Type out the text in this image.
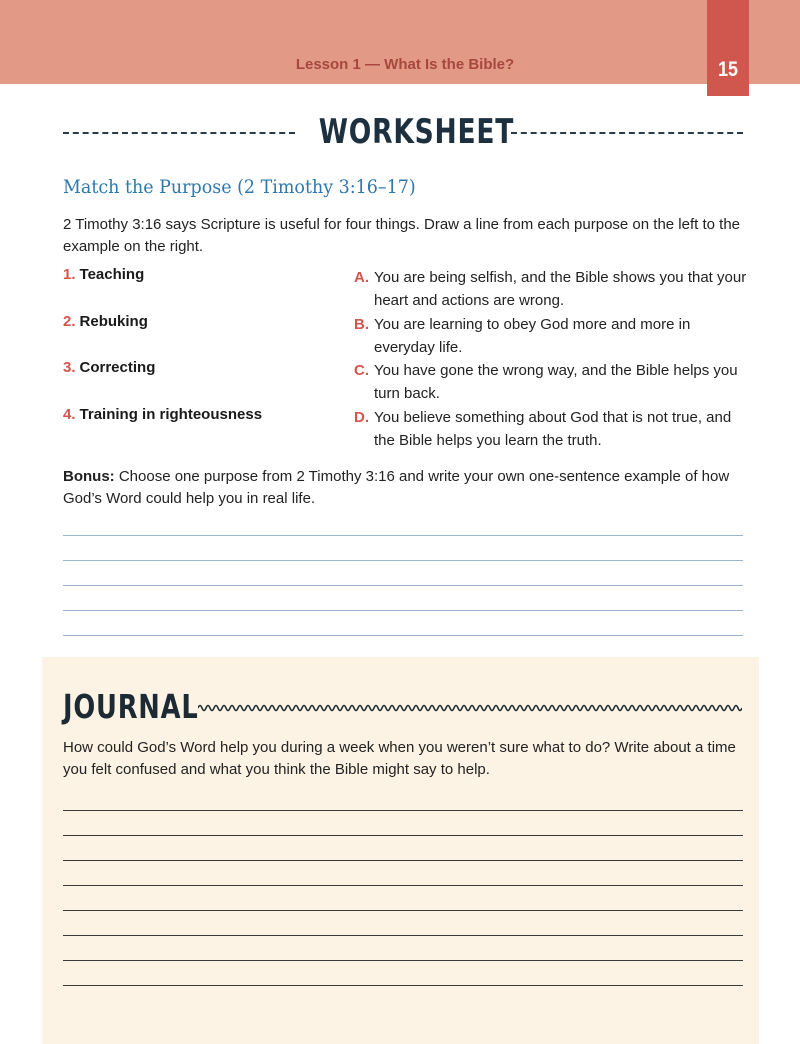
Lesson 1 — What Is the Bible?	15
WORKSHEET
Match the Purpose (2 Timothy 3:16–17)
2 Timothy 3:16 says Scripture is useful for four things. Draw a line from each purpose on the left to the example on the right.
1. Teaching
2. Rebuking
3. Correcting
4. Training in righteousness
A. You are being selfish, and the Bible shows you that your heart and actions are wrong.
B. You are learning to obey God more and more in everyday life.
C. You have gone the wrong way, and the Bible helps you turn back.
D. You believe something about God that is not true, and the Bible helps you learn the truth.
Bonus: Choose one purpose from 2 Timothy 3:16 and write your own one-sentence example of how God’s Word could help you in real life.
JOURNAL
How could God’s Word help you during a week when you weren’t sure what to do? Write about a time you felt confused and what you think the Bible might say to help.
